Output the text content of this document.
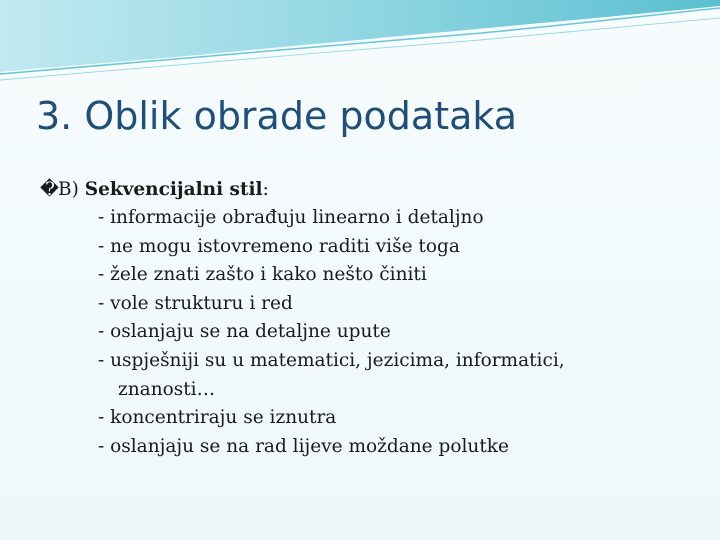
3. Oblik obrade podataka
�B) Sekvencijalni stil:
- informacije obrađuju linearno i detaljno
- ne mogu istovremeno raditi više toga
- žele znati zašto i kako nešto činiti
- vole strukturu i red
- oslanjaju se na detaljne upute
- uspješniji su u matematici, jezicima, informatici,
znanosti…
- koncentriraju se iznutra
- oslanjaju se na rad lijeve moždane polutke
